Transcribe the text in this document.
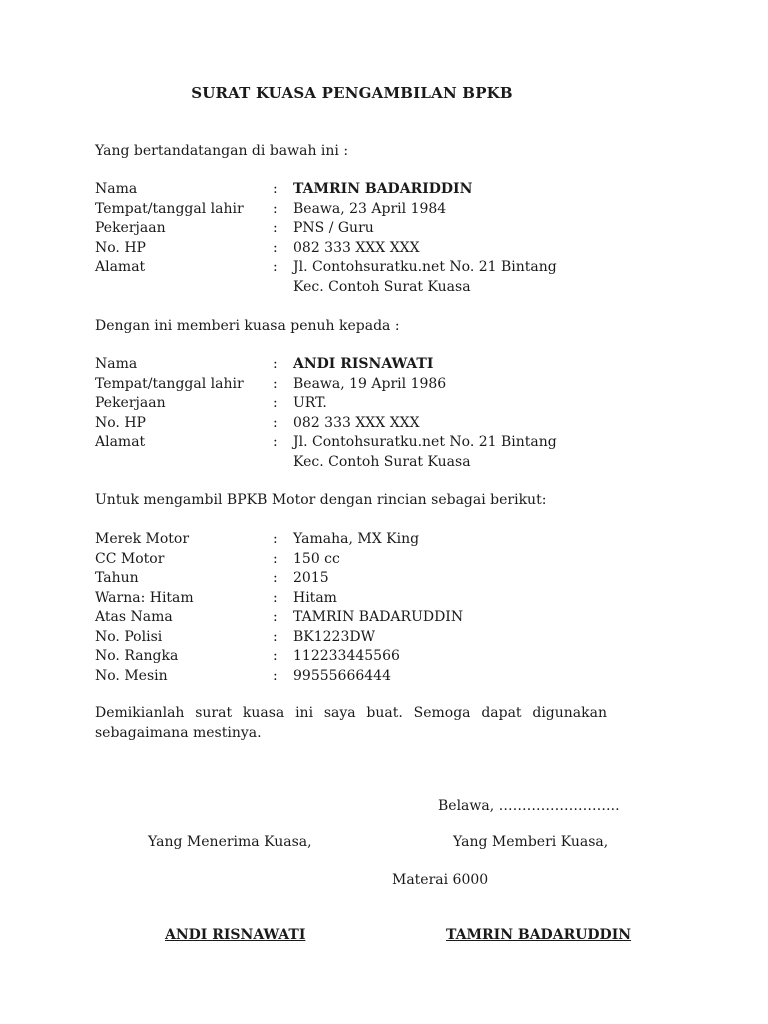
SURAT KUASA PENGAMBILAN BPKB
Yang bertandatangan di bawah ini :
Nama	:	TAMRIN BADARIDDIN
Tempat/tanggal lahir	:	Beawa, 23 April 1984
Pekerjaan	:	PNS / Guru
No. HP	:	082 333 XXX XXX
Alamat	:	Jl. Contohsuratku.net No. 21 Bintang
Kec. Contoh Surat Kuasa
Dengan ini memberi kuasa penuh kepada :
Nama	:	ANDI RISNAWATI
Tempat/tanggal lahir	:	Beawa, 19 April 1986
Pekerjaan	:	URT.
No. HP	:	082 333 XXX XXX
Alamat	:	Jl. Contohsuratku.net No. 21 Bintang
Kec. Contoh Surat Kuasa
Untuk mengambil BPKB Motor dengan rincian sebagai berikut:
Merek Motor	:	Yamaha, MX King
CC Motor	:	150 cc
Tahun	:	2015
Warna: Hitam	:	Hitam
Atas Nama	:	TAMRIN BADARUDDIN
No. Polisi	:	BK1223DW
No. Rangka	:	112233445566
No. Mesin	:	99555666444
Demikianlah surat kuasa ini saya buat. Semoga dapat digunakan sebagaimana mestinya.
Belawa, ……………………..
Yang Menerima Kuasa,	Yang Memberi Kuasa,
Materai 6000
ANDI RISNAWATI	TAMRIN BADARUDDIN
